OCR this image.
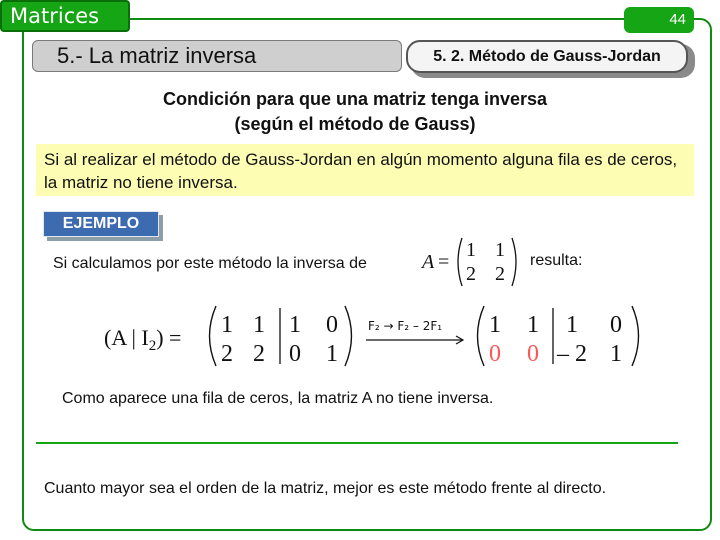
Matrices	44
5.- La matriz inversa	5. 2. Método de Gauss-Jordan
Condición para que una matriz tenga inversa
(según el método de Gauss)
Si al realizar el método de Gauss-Jordan en algún momento alguna fila es de ceros, la matriz no tiene inversa.
EJEMPLO
Si calculamos por este método la inversa de	resulta:
A =
1 1
2 2
(A | $I_2) = 1$ 1 1 0
2 2 0 1
F₂ → F₂ – 2F₁ 1 1 1 0
0 0 – 2 1
Como aparece una fila de ceros, la matriz A no tiene inversa.
Cuanto mayor sea el orden de la matriz, mejor es este método frente al directo.
